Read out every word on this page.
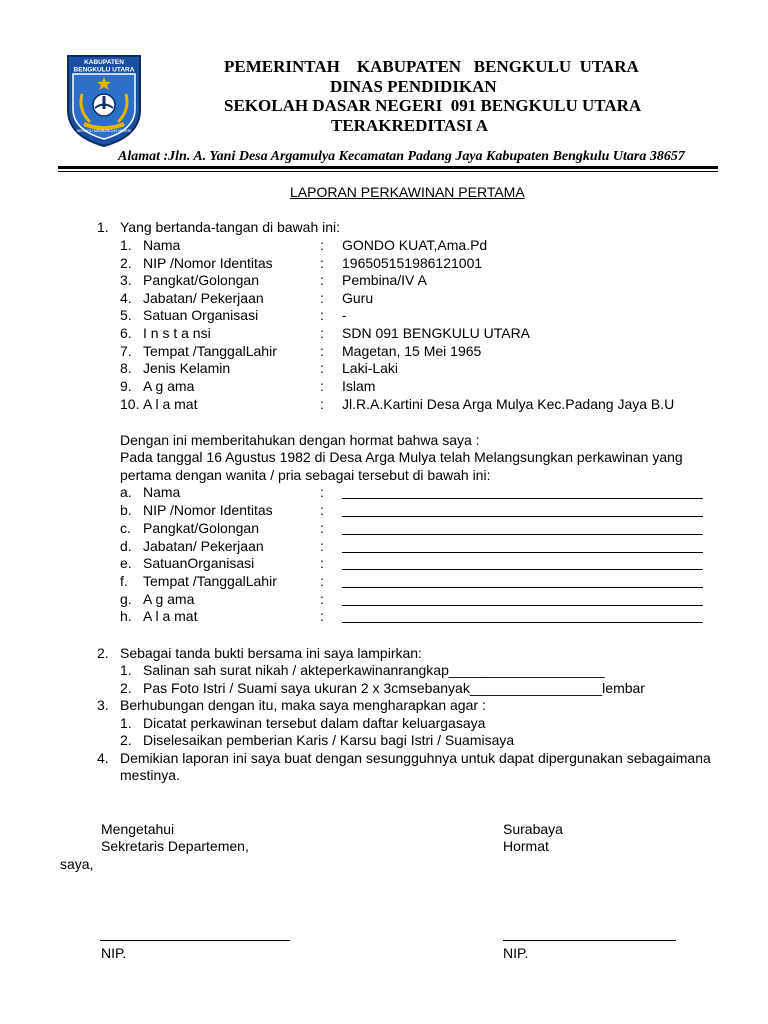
KABUPATEN
BENGKULU UTARA
BERSATU MEMBANGUN NEGERI
PEMERINTAH    KABUPATEN   BENGKULU  UTARA
DINAS PENDIDIKAN
SEKOLAH DASAR NEGERI  091 BENGKULU UTARA
TERAKREDITASI A
Alamat :Jln. A. Yani Desa Argamulya Kecamatan Padang Jaya Kabupaten Bengkulu Utara 38657
LAPORAN PERKAWINAN PERTAMA
1. Yang bertanda-tangan di bawah ini:
1. Nama	: GONDO KUAT,Ama.Pd
2. NIP /Nomor Identitas	: 196505151986121001
3. Pangkat/Golongan	: Pembina/IV A
4. Jabatan/ Pekerjaan	: Guru
5. Satuan Organisasi	: -
6. I n s t a nsi	: SDN 091 BENGKULU UTARA
7. Tempat /TanggalLahir	: Magetan, 15 Mei 1965
8. Jenis Kelamin	: Laki-Laki
9. A g ama	: Islam
10. A l a mat	: Jl.R.A.Kartini Desa Arga Mulya Kec.Padang Jaya B.U
Dengan ini memberitahukan dengan hormat bahwa saya :
Pada tanggal 16 Agustus 1982 di Desa Arga Mulya telah Melangsungkan perkawinan yang
pertama dengan wanita / pria sebagai tersebut di bawah ini:
a. Nama	:
b. NIP /Nomor Identitas	:
c. Pangkat/Golongan	:
d. Jabatan/ Pekerjaan	:
e. SatuanOrganisasi	:
f. Tempat /TanggalLahir	:
g. A g ama	:
h. A l a mat	:
2. Sebagai tanda bukti bersama ini saya lampirkan:
1. Salinan sah surat nikah / akteperkawinanrangkap____________________
2. Pas Foto Istri / Suami saya ukuran 2 x 3cmsebanyak_________________lembar
3. Berhubungan dengan itu, maka saya mengharapkan agar :
1. Dicatat perkawinan tersebut dalam daftar keluargasaya
2. Diselesaikan pemberian Karis / Karsu bagi Istri / Suamisaya
4. Demikian laporan ini saya buat dengan sesungguhnya untuk dapat dipergunakan sebagaimana
mestinya.
Mengetahui
Sekretaris Departemen,
saya,
Surabaya
Hormat
NIP.	NIP.
